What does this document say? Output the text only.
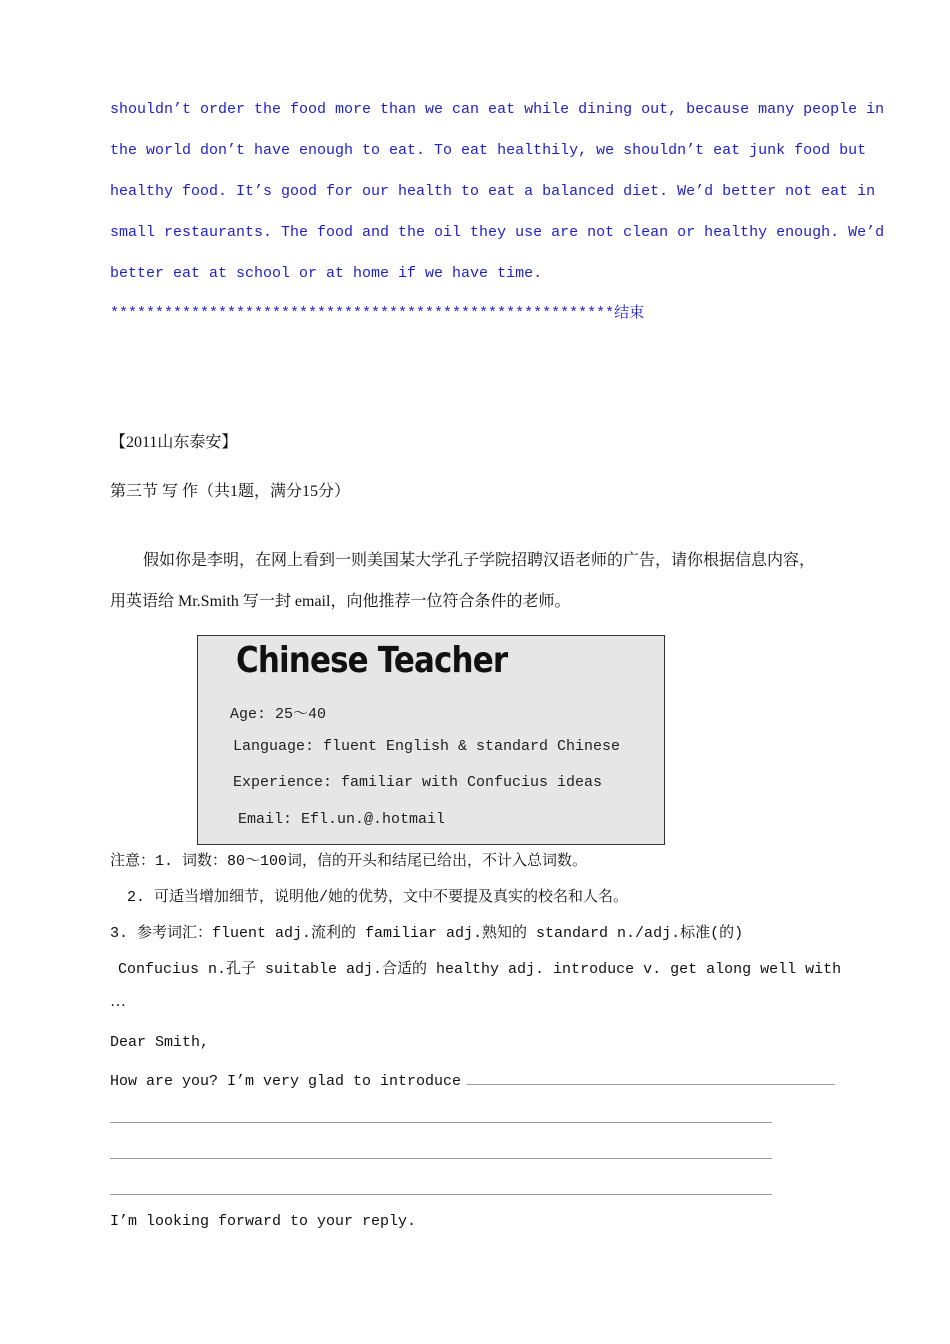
shouldn’t order the food more than we can eat while dining out, because many people in
the world don’t have enough to eat. To eat healthily, we shouldn’t eat junk food but
healthy food. It’s good for our health to eat a balanced diet. We’d better not eat in
small restaurants. The food and the oil they use are not clean or healthy enough. We’d
better eat at school or at home if we have time.
********************************************************结束
【2011山东泰安】
第三节 写 作（共1题，满分15分）
假如你是李明，在网上看到一则美国某大学孔子学院招聘汉语老师的广告，请你根据信息内容，
用英语给 Mr.Smith 写一封 email，向他推荐一位符合条件的老师。
Chinese Teacher
Age: 25～40
Language: fluent English & standard Chinese
Experience: familiar with Confucius ideas
Email: Efl.un.@.hotmail
注意：1. 词数：80～100词，信的开头和结尾已给出，不计入总词数。
2. 可适当增加细节，说明他/她的优势，文中不要提及真实的校名和人名。
3. 参考词汇：fluent adj.流利的 familiar adj.熟知的 standard n./adj.标准(的)
Confucius n.孔子 suitable adj.合适的 healthy adj. introduce v. get along well with
…
Dear Smith,
How are you? I’m very glad to introduce
I’m looking forward to your reply.
